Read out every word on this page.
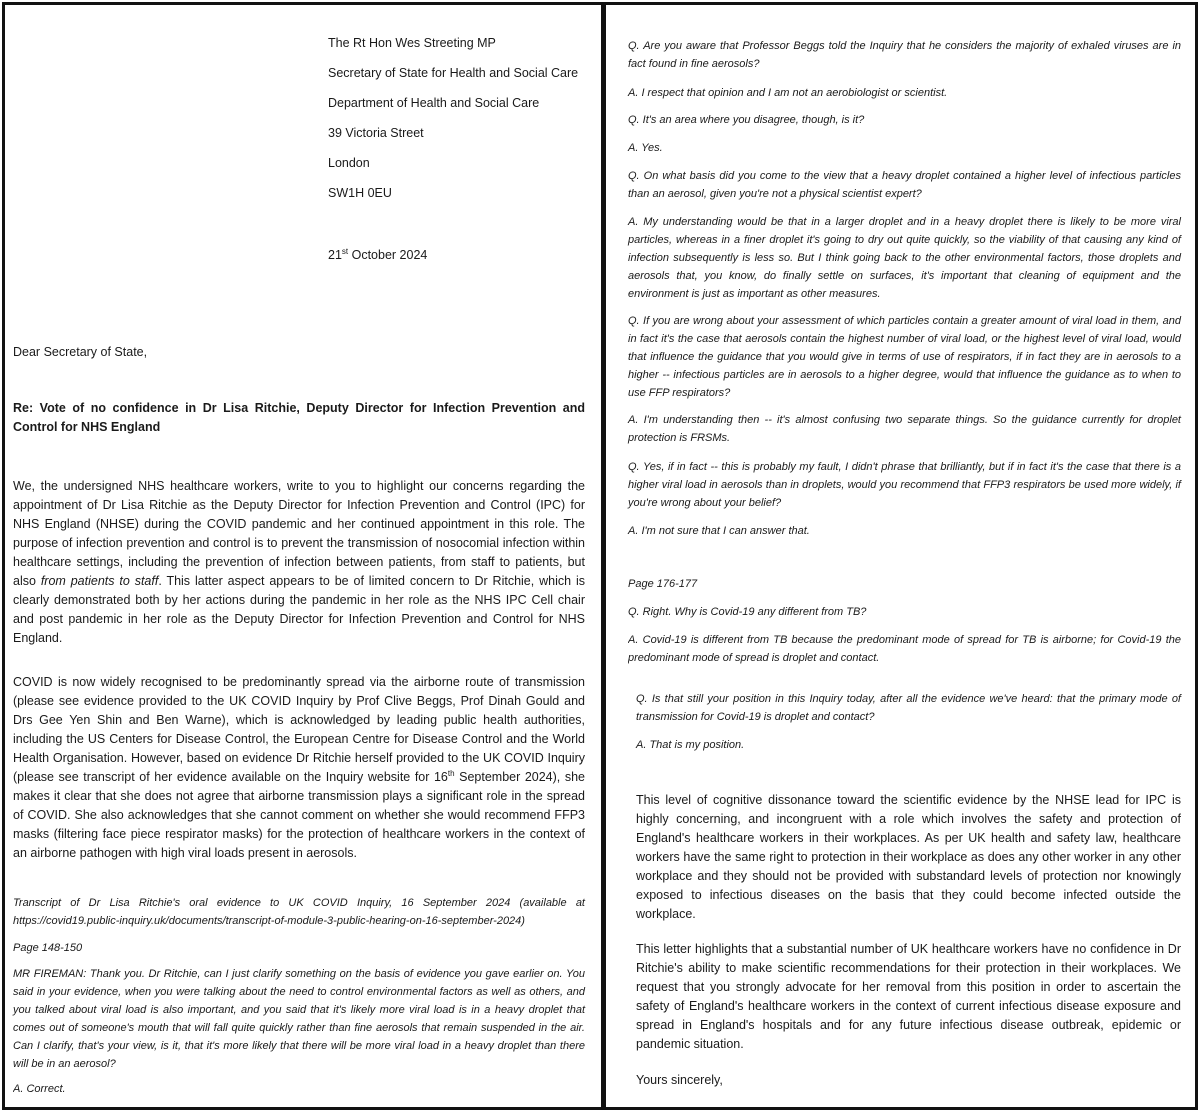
The Rt Hon Wes Streeting MP
Secretary of State for Health and Social Care
Department of Health and Social Care
39 Victoria Street
London
SW1H 0EU
21st October 2024
Dear Secretary of State,
Re: Vote of no confidence in Dr Lisa Ritchie, Deputy Director for Infection Prevention and Control for NHS England
We, the undersigned NHS healthcare workers, write to you to highlight our concerns regarding the appointment of Dr Lisa Ritchie as the Deputy Director for Infection Prevention and Control (IPC) for NHS England (NHSE) during the COVID pandemic and her continued appointment in this role. The purpose of infection prevention and control is to prevent the transmission of nosocomial infection within healthcare settings, including the prevention of infection between patients, from staff to patients, but also from patients to staff. This latter aspect appears to be of limited concern to Dr Ritchie, which is clearly demonstrated both by her actions during the pandemic in her role as the NHS IPC Cell chair and post pandemic in her role as the Deputy Director for Infection Prevention and Control for NHS England.
COVID is now widely recognised to be predominantly spread via the airborne route of transmission (please see evidence provided to the UK COVID Inquiry by Prof Clive Beggs, Prof Dinah Gould and Drs Gee Yen Shin and Ben Warne), which is acknowledged by leading public health authorities, including the US Centers for Disease Control, the European Centre for Disease Control and the World Health Organisation. However, based on evidence Dr Ritchie herself provided to the UK COVID Inquiry (please see transcript of her evidence available on the Inquiry website for 16th September 2024), she makes it clear that she does not agree that airborne transmission plays a significant role in the spread of COVID. She also acknowledges that she cannot comment on whether she would recommend FFP3 masks (filtering face piece respirator masks) for the protection of healthcare workers in the context of an airborne pathogen with high viral loads present in aerosols.
Transcript of Dr Lisa Ritchie's oral evidence to UK COVID Inquiry, 16 September 2024 (available at https://covid19.public-inquiry.uk/documents/transcript-of-module-3-public-hearing-on-16-september-2024)
Page 148-150
MR FIREMAN: Thank you. Dr Ritchie, can I just clarify something on the basis of evidence you gave earlier on. You said in your evidence, when you were talking about the need to control environmental factors as well as others, and you talked about viral load is also important, and you said that it's likely more viral load is in a heavy droplet that comes out of someone's mouth that will fall quite quickly rather than fine aerosols that remain suspended in the air. Can I clarify, that's your view, is it, that it's more likely that there will be more viral load in a heavy droplet than there will be in an aerosol?
A. Correct.
Q. Are you aware that Professor Beggs told the Inquiry that he considers the majority of exhaled viruses are in fact found in fine aerosols?
A. I respect that opinion and I am not an aerobiologist or scientist.
Q. It's an area where you disagree, though, is it?
A. Yes.
Q. On what basis did you come to the view that a heavy droplet contained a higher level of infectious particles than an aerosol, given you're not a physical scientist expert?
A. My understanding would be that in a larger droplet and in a heavy droplet there is likely to be more viral particles, whereas in a finer droplet it's going to dry out quite quickly, so the viability of that causing any kind of infection subsequently is less so. But I think going back to the other environmental factors, those droplets and aerosols that, you know, do finally settle on surfaces, it's important that cleaning of equipment and the environment is just as important as other measures.
Q. If you are wrong about your assessment of which particles contain a greater amount of viral load in them, and in fact it's the case that aerosols contain the highest number of viral load, or the highest level of viral load, would that influence the guidance that you would give in terms of use of respirators, if in fact they are in aerosols to a higher -- infectious particles are in aerosols to a higher degree, would that influence the guidance as to when to use FFP respirators?
A. I'm understanding then -- it's almost confusing two separate things. So the guidance currently for droplet protection is FRSMs.
Q. Yes, if in fact -- this is probably my fault, I didn't phrase that brilliantly, but if in fact it's the case that there is a higher viral load in aerosols than in droplets, would you recommend that FFP3 respirators be used more widely, if you're wrong about your belief?
A. I'm not sure that I can answer that.
Page 176-177
Q. Right. Why is Covid-19 any different from TB?
A. Covid-19 is different from TB because the predominant mode of spread for TB is airborne; for Covid-19 the predominant mode of spread is droplet and contact.
Q. Is that still your position in this Inquiry today, after all the evidence we've heard: that the primary mode of transmission for Covid-19 is droplet and contact?
A. That is my position.
This level of cognitive dissonance toward the scientific evidence by the NHSE lead for IPC is highly concerning, and incongruent with a role which involves the safety and protection of England's healthcare workers in their workplaces. As per UK health and safety law, healthcare workers have the same right to protection in their workplace as does any other worker in any other workplace and they should not be provided with substandard levels of protection nor knowingly exposed to infectious diseases on the basis that they could become infected outside the workplace.
This letter highlights that a substantial number of UK healthcare workers have no confidence in Dr Ritchie's ability to make scientific recommendations for their protection in their workplaces. We request that you strongly advocate for her removal from this position in order to ascertain the safety of England's healthcare workers in the context of current infectious disease exposure and spread in England's hospitals and for any future infectious disease outbreak, epidemic or pandemic situation.
Yours sincerely,
